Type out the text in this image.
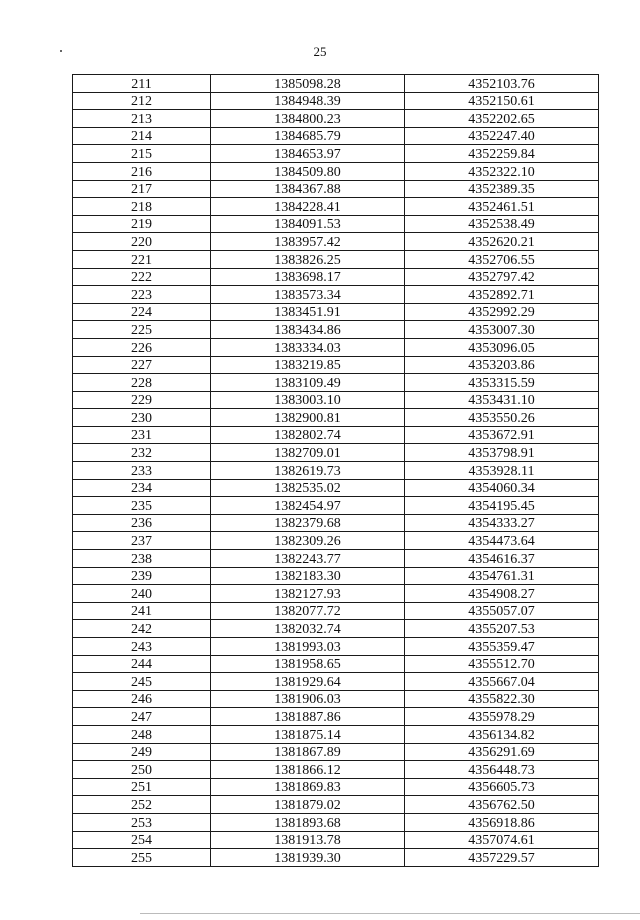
25
211	1385098.28	4352103.76
212	1384948.39	4352150.61
213	1384800.23	4352202.65
214	1384685.79	4352247.40
215	1384653.97	4352259.84
216	1384509.80	4352322.10
217	1384367.88	4352389.35
218	1384228.41	4352461.51
219	1384091.53	4352538.49
220	1383957.42	4352620.21
221	1383826.25	4352706.55
222	1383698.17	4352797.42
223	1383573.34	4352892.71
224	1383451.91	4352992.29
225	1383434.86	4353007.30
226	1383334.03	4353096.05
227	1383219.85	4353203.86
228	1383109.49	4353315.59
229	1383003.10	4353431.10
230	1382900.81	4353550.26
231	1382802.74	4353672.91
232	1382709.01	4353798.91
233	1382619.73	4353928.11
234	1382535.02	4354060.34
235	1382454.97	4354195.45
236	1382379.68	4354333.27
237	1382309.26	4354473.64
238	1382243.77	4354616.37
239	1382183.30	4354761.31
240	1382127.93	4354908.27
241	1382077.72	4355057.07
242	1382032.74	4355207.53
243	1381993.03	4355359.47
244	1381958.65	4355512.70
245	1381929.64	4355667.04
246	1381906.03	4355822.30
247	1381887.86	4355978.29
248	1381875.14	4356134.82
249	1381867.89	4356291.69
250	1381866.12	4356448.73
251	1381869.83	4356605.73
252	1381879.02	4356762.50
253	1381893.68	4356918.86
254	1381913.78	4357074.61
255	1381939.30	4357229.57
